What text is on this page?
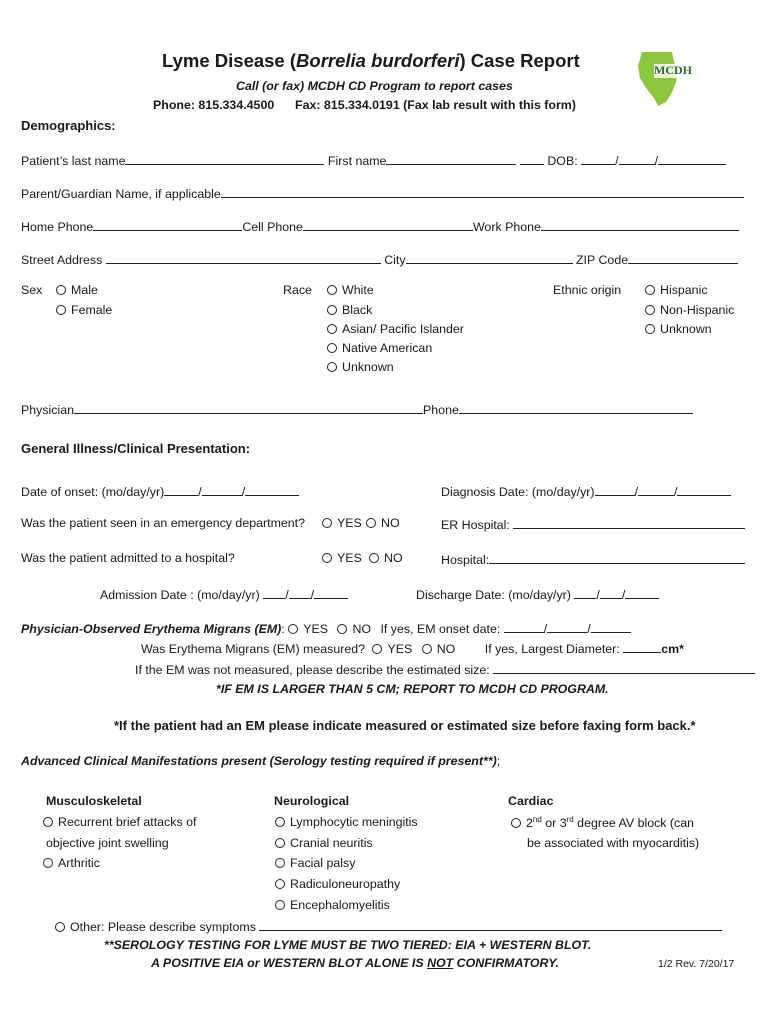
Lyme Disease (Borrelia burdorferi) Case Report
Call (or fax) MCDH CD Program to report cases
Phone: 815.334.4500 Fax: 815.334.0191 (Fax lab result with this form)
MCDH
Demographics:
Patient’s last name	First name	DOB:	/	/
Parent/Guardian Name, if applicable
Home Phone	Cell Phone	Work Phone
Street Address	City	ZIP Code
Sex	Male
Female
Race	White
Black
Asian/ Pacific Islander
Native American
Unknown
Ethnic origin	Hispanic
Non-Hispanic
Unknown
Physician	Phone
General Illness/Clinical Presentation:
Date of onset: (mo/day/yr)	/	/	Diagnosis Date: (mo/day/yr)	/	/
Was the patient seen in an emergency department?	YES	NO	ER Hospital:
Was the patient admitted to a hospital?	YES	NO	Hospital:
Admission Date : (mo/day/yr) / /	Discharge Date: (mo/day/yr) / /
Physician-Observed Erythema Migrans (EM): YES NO If yes, EM onset date:	/	/
Was Erythema Migrans (EM) measured? YES NO If yes, Largest Diameter:	cm*
If the EM was not measured, please describe the estimated size:
*IF EM IS LARGER THAN 5 CM; REPORT TO MCDH CD PROGRAM.
*If the patient had an EM please indicate measured or estimated size before faxing form back.*
Advanced Clinical Manifestations present (Serology testing required if present**);
Musculoskeletal
Recurrent brief attacks of
objective joint swelling
Arthritic
Neurological
Lymphocytic meningitis
Cranial neuritis
Facial palsy
Radiculoneuropathy
Encephalomyelitis
Cardiac
2nd or 3rd degree AV block (can
be associated with myocarditis)
Other: Please describe symptoms
**SEROLOGY TESTING FOR LYME MUST BE TWO TIERED: EIA + WESTERN BLOT.
A POSITIVE EIA or WESTERN BLOT ALONE IS NOT CONFIRMATORY.	1/2 Rev. 7/20/17
